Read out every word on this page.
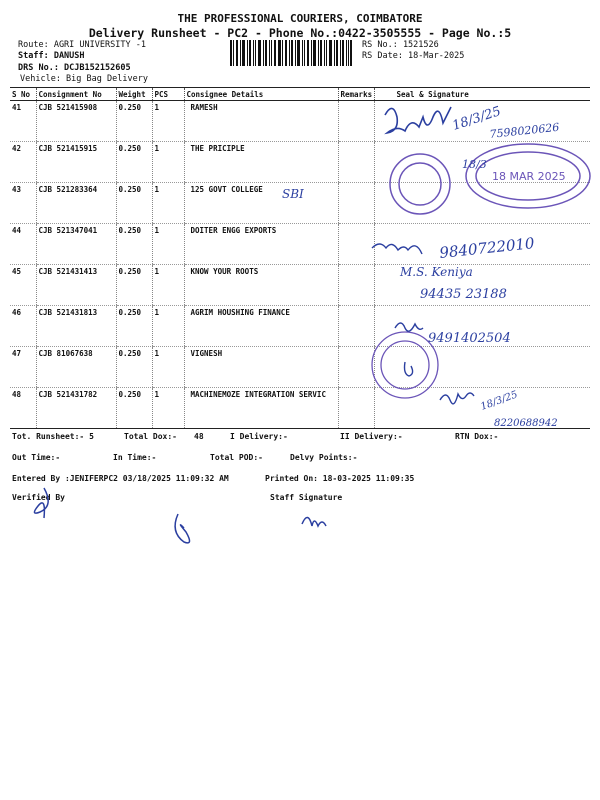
THE PROFESSIONAL COURIERS, COIMBATORE
Delivery Runsheet - PC2 - Phone No.:0422-3505555 - Page No.:5
Route: AGRI UNIVERSITY -1
Staff: DANUSH
DRS No.: DCJB152152605
Vehicle: Big Bag Delivery
RS No.: 1521526
RS Date: 18-Mar-2025
S No	Consignment No	Weight	PCS	Consignee Details	Remarks	Seal & Signature
41	CJB 521415908	0.250	1	RAMESH		
42	CJB 521415915	0.250	1	THE PRICIPLE		
43	CJB 521283364	0.250	1	125 GOVT COLLEGE		
44	CJB 521347041	0.250	1	DOITER ENGG EXPORTS		
45	CJB 521431413	0.250	1	KNOW YOUR ROOTS		
46	CJB 521431813	0.250	1	AGRIM HOUSHING FINANCE		
47	CJB 81067638	0.250	1	VIGNESH		
48	CJB 521431782	0.250	1	MACHINEMOZE INTEGRATION SERVIC		
SBI
18/3/25
7598020626
18/3
18 MAR 2025
9840722010
M.S. Keniya
94435 23188
9491402504
18/3/25
8220688942
Tot. Runsheet:- 5	Total Dox:- 48	I Delivery:-	II Delivery:-	RTN Dox:-
Out Time:-	In Time:-	Total POD:-	Delvy Points:-
Entered By :JENIFERPC2 03/18/2025 11:09:32 AM	Printed On: 18-03-2025 11:09:35
Verified By	Staff Signature
